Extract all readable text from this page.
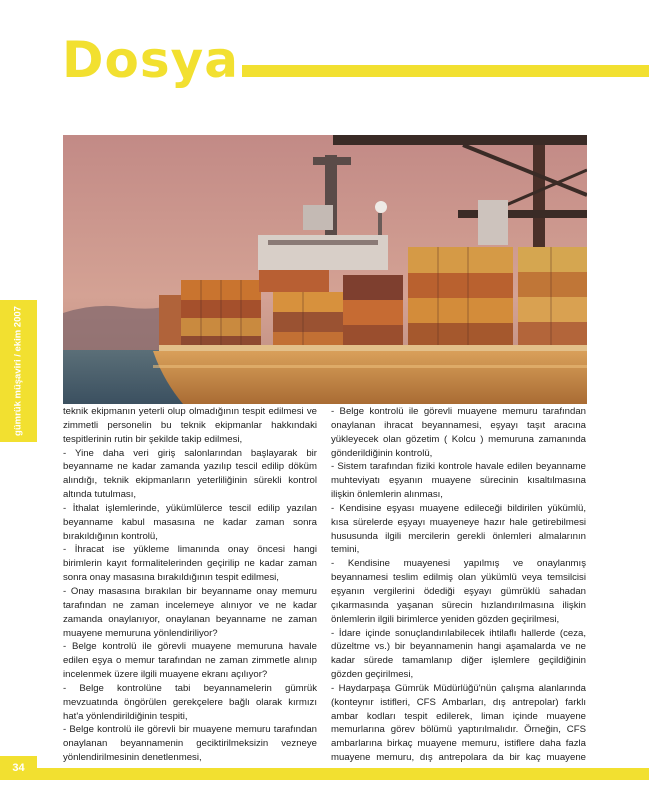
Dosya
gümrük müşaviri / ekim 2007	teknik ekipmanın yeterli olup olmadığının tespit edilmesi ve zimmetli personelin bu teknik ekipmanlar hakkındaki tespitlerinin rutin bir şekilde takip edilmesi,

- Yine daha veri giriş salonlarından başlayarak bir beyanname ne kadar zamanda yazılıp tescil edilip döküm alındığı, teknik ekipmanların yeterliliğinin sürekli kontrol altında tutulması,

- İthalat işlemlerinde, yükümlülerce tescil edilip yazılan beyanname kabul masasına ne kadar zaman sonra bırakıldığının kontrolü,

- İhracat ise yükleme limanında onay öncesi hangi birimlerin kayıt formalitelerinden geçirilip ne kadar zaman sonra onay masasına bırakıldığının tespit edilmesi,

- Onay masasına bırakılan bir beyanname onay memuru tarafından ne zaman incelemeye alınıyor ve ne kadar zamanda onaylanıyor, onaylanan beyanname ne zaman muayene memuruna yönlendiriliyor?

- Belge kontrolü ile görevli muayene memuruna havale edilen eşya o memur tarafından ne zaman zimmetle alınıp incelenmek üzere ilgili muayene ekranı açılıyor?

- Belge kontrolüne tabi beyannamelerin gümrük mevzuatında öngörülen gerekçelere bağlı olarak kırmızı hat'a yönlendirildiğinin tespiti,

- Belge kontrolü ile görevli bir muayene memuru tarafından onaylanan beyannamenin geciktirilmeksizin vezneye yönlendirilmesinin denetlenmesi,

- Belge kontrolü ile görevli muayene memuru tarafından onaylanan ihracat beyannamesi, eşyayı taşıt aracına yükleyecek olan gözetim ( Kolcu ) memuruna zamanında gönderildiğinin kontrolü,

- Sistem tarafından fiziki kontrole havale edilen beyanname muhteviyatı eşyanın muayene sürecinin kısaltılmasına ilişkin önlemlerin alınması,

- Kendisine eşyası muayene edileceği bildirilen yükümlü, kısa sürelerde eşyayı muayeneye hazır hale getirebilmesi hususunda ilgili mercilerin gerekli önlemleri almalarının temini,

- Kendisine muayenesi yapılmış ve onaylanmış beyannamesi teslim edilmiş olan yükümlü veya temsilcisi eşyanın vergilerini ödediği eşyayı gümrüklü sahadan çıkarmasında yaşanan sürecin hızlandırılmasına ilişkin önlemlerin ilgili birimlerce yeniden gözden geçirilmesi,

- İdare içinde sonuçlandırılabilecek ihtilaflı hallerde (ceza, düzeltme vs.) bir beyannamenin hangi aşamalarda ve ne kadar sürede tamamlanıp diğer işlemlere geçildiğinin gözden geçirilmesi,

- Haydarpaşa Gümrük Müdürlüğü'nün çalışma alanlarında (konteynır istifleri, CFS Ambarları, dış antrepolar) farklı ambar kodları tespit edilerek, liman içinde muayene memurlarına görev bölümü yaptırılmalıdır. Örneğin, CFS ambarlarına birkaç muayene memuru, istiflere daha fazla muayene memuru, dış antrepolara da bir kaç muayene

34
